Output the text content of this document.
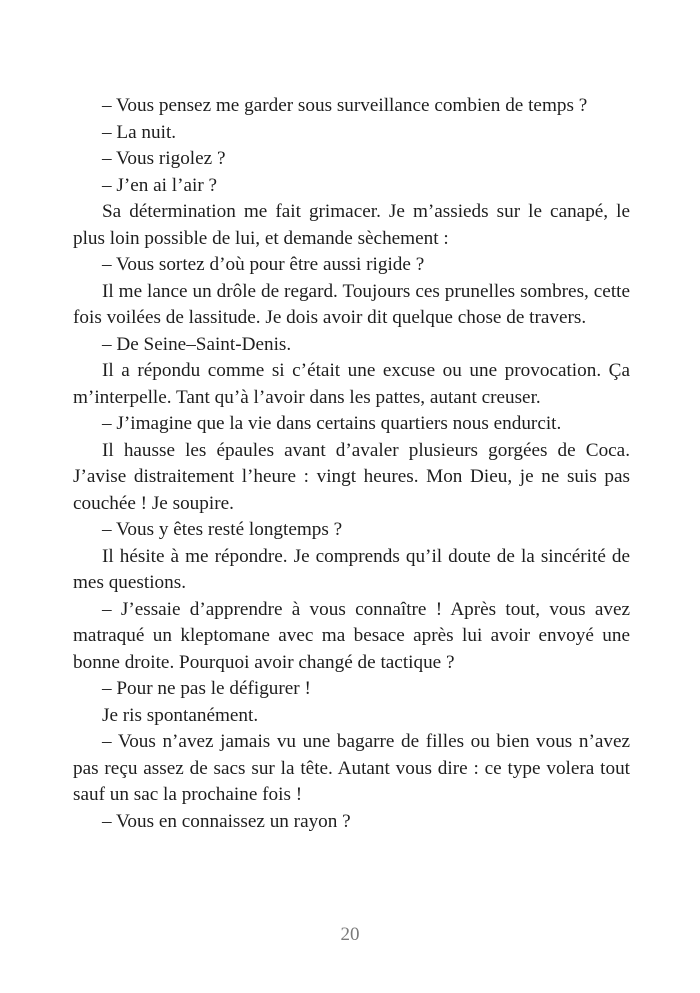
– Vous pensez me garder sous surveillance combien de temps ?

– La nuit.

– Vous rigolez ?

– J’en ai l’air ?

Sa détermination me fait grimacer. Je m’assieds sur le canapé, le plus loin possible de lui, et demande sèchement :

– Vous sortez d’où pour être aussi rigide ?

Il me lance un drôle de regard. Toujours ces prunelles sombres, cette fois voilées de lassitude. Je dois avoir dit quelque chose de travers.

– De Seine–Saint-Denis.

Il a répondu comme si c’était une excuse ou une provocation. Ça m’interpelle. Tant qu’à l’avoir dans les pattes, autant creuser.

– J’imagine que la vie dans certains quartiers nous endurcit.

Il hausse les épaules avant d’avaler plusieurs gorgées de Coca. J’avise distraitement l’heure : vingt heures. Mon Dieu, je ne suis pas couchée ! Je soupire.

– Vous y êtes resté longtemps ?

Il hésite à me répondre. Je comprends qu’il doute de la sincérité de mes questions.

– J’essaie d’apprendre à vous connaître ! Après tout, vous avez matraqué un kleptomane avec ma besace après lui avoir envoyé une bonne droite. Pourquoi avoir changé de tactique ?

– Pour ne pas le défigurer !

Je ris spontanément.

– Vous n’avez jamais vu une bagarre de filles ou bien vous n’avez pas reçu assez de sacs sur la tête. Autant vous dire : ce type volera tout sauf un sac la prochaine fois !

– Vous en connaissez un rayon ?

20
